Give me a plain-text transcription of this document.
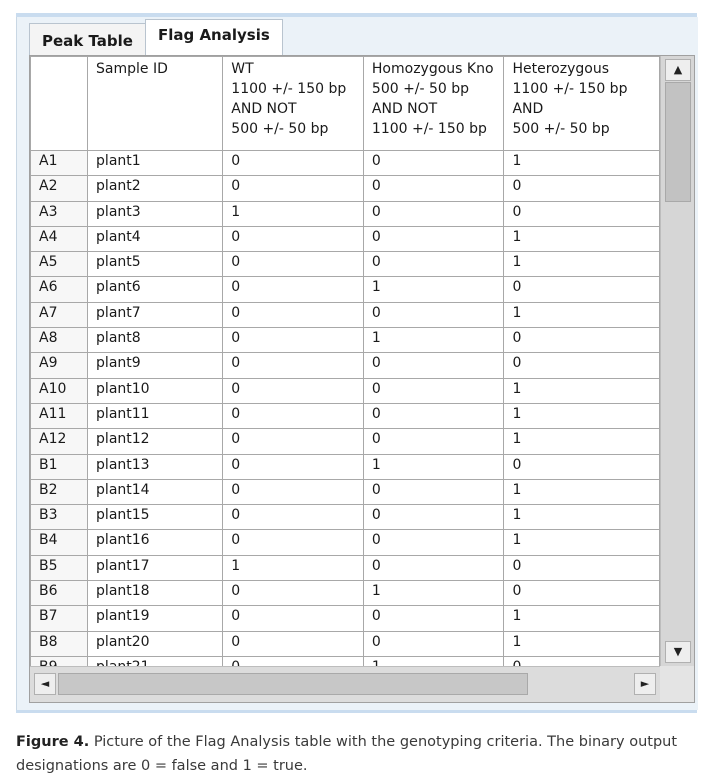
Peak Table	Flag Analysis

	Sample ID	WT
1100 +/- 150 bp
AND NOT
500 +/- 50 bp	Homozygous Kno
500 +/- 50 bp
AND NOT
1100 +/- 150 bp	Heterozygous
1100 +/- 150 bp
AND
500 +/- 50 bp

A1	plant1	0	0	1
A2	plant2	0	0	0
A3	plant3	1	0	0
A4	plant4	0	0	1
A5	plant5	0	0	1
A6	plant6	0	1	0
A7	plant7	0	0	1
A8	plant8	0	1	0
A9	plant9	0	0	0
A10	plant10	0	0	1
A11	plant11	0	0	1
A12	plant12	0	0	1
B1	plant13	0	1	0
B2	plant14	0	0	1
B3	plant15	0	0	1
B4	plant16	0	0	1
B5	plant17	1	0	0
B6	plant18	0	1	0
B7	plant19	0	0	1
B8	plant20	0	0	1

▲
▼
◄	►
Figure 4. Picture of the Flag Analysis table with the genotyping criteria. The binary output designations are 0 = false and 1 = true.
